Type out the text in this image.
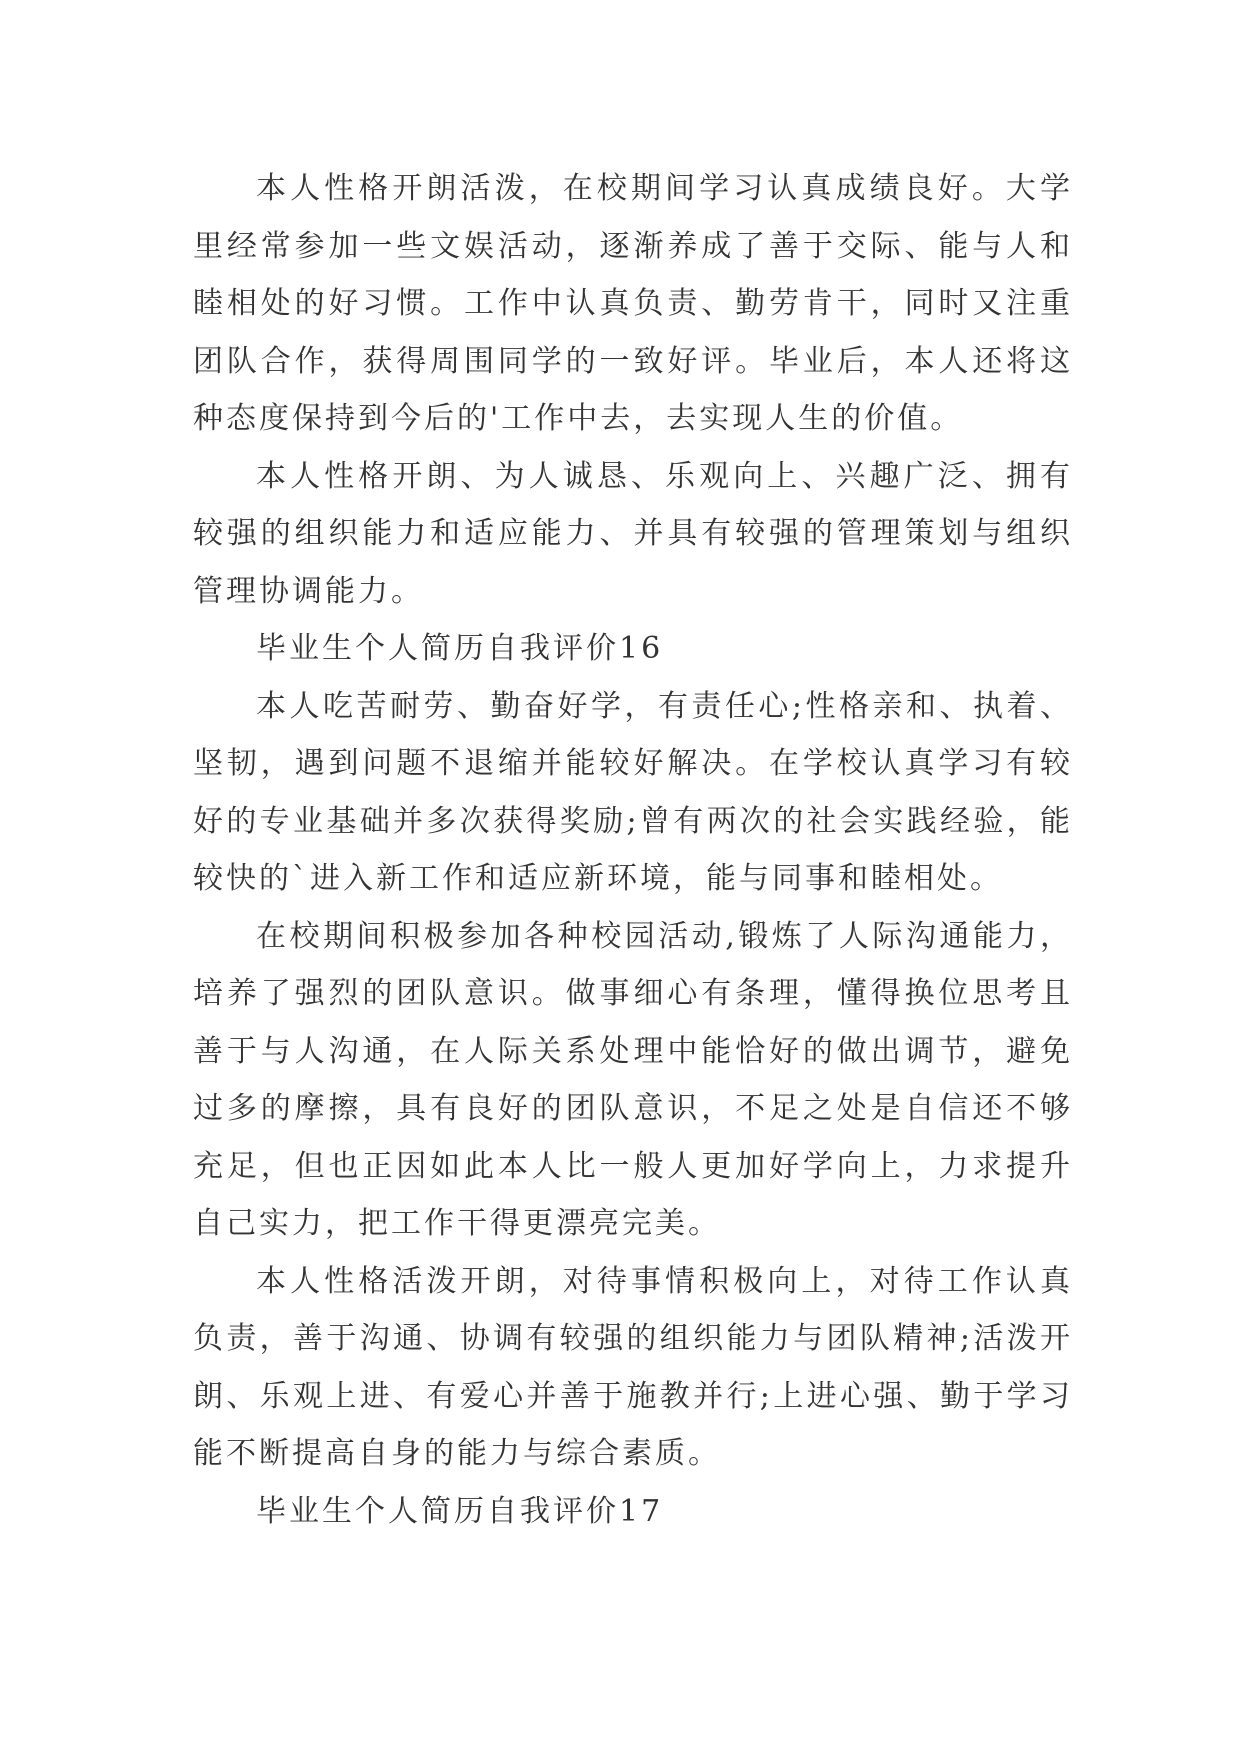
本人性格开朗活泼，在校期间学习认真成绩良好。大学里经常参加一些文娱活动，逐渐养成了善于交际、能与人和睦相处的好习惯。工作中认真负责、勤劳肯干，同时又注重团队合作，获得周围同学的一致好评。毕业后，本人还将这种态度保持到今后的'工作中去，去实现人生的价值。

本人性格开朗、为人诚恳、乐观向上、兴趣广泛、拥有较强的组织能力和适应能力、并具有较强的管理策划与组织管理协调能力。

毕业生个人简历自我评价16

本人吃苦耐劳、勤奋好学，有责任心;性格亲和、执着、坚韧，遇到问题不退缩并能较好解决。在学校认真学习有较好的专业基础并多次获得奖励;曾有两次的社会实践经验，能较快的`进入新工作和适应新环境，能与同事和睦相处。

在校期间积极参加各种校园活动,锻炼了人际沟通能力，培养了强烈的团队意识。做事细心有条理，懂得换位思考且善于与人沟通，在人际关系处理中能恰好的做出调节，避免过多的摩擦，具有良好的团队意识，不足之处是自信还不够充足，但也正因如此本人比一般人更加好学向上，力求提升自己实力，把工作干得更漂亮完美。

本人性格活泼开朗，对待事情积极向上，对待工作认真负责，善于沟通、协调有较强的组织能力与团队精神;活泼开朗、乐观上进、有爱心并善于施教并行;上进心强、勤于学习能不断提高自身的能力与综合素质。

毕业生个人简历自我评价17
